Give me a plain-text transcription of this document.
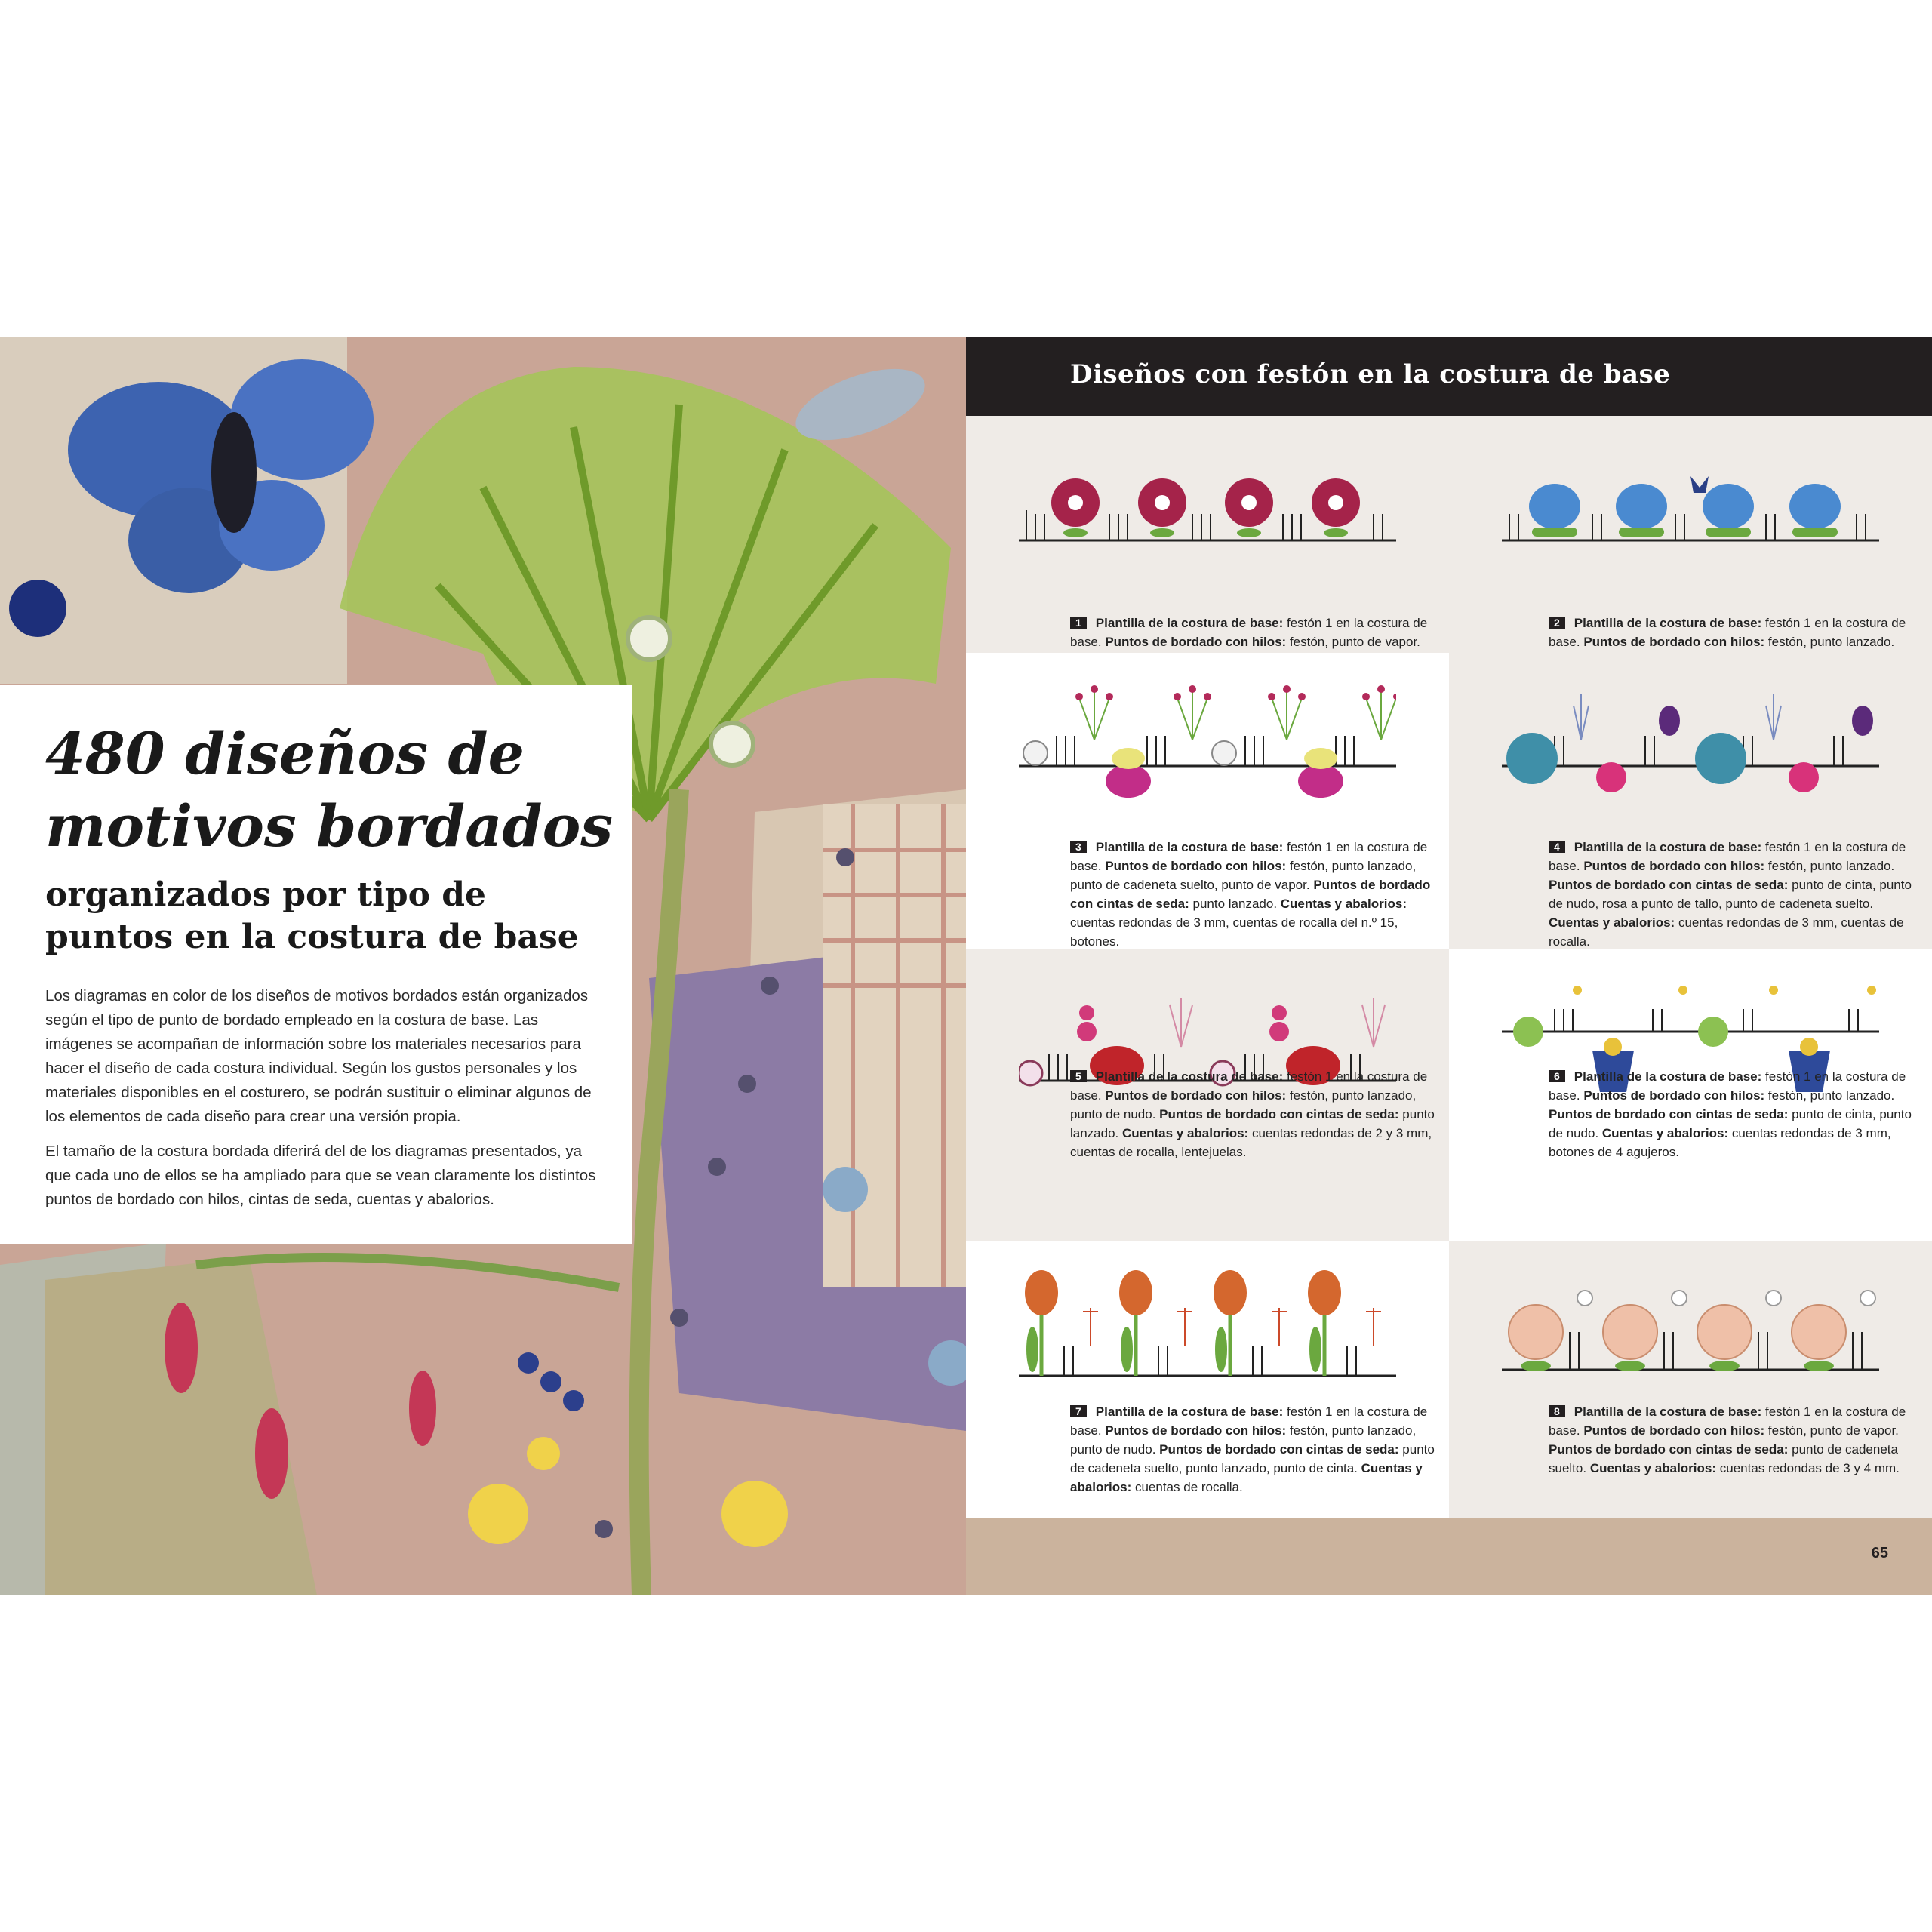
480 diseños de
motivos bordados
organizados por tipo de
puntos en la costura de base

Los diagramas en color de los diseños de motivos bordados están organizados según el tipo de punto de bordado empleado en la costura de base. Las imágenes se acompañan de información sobre los materiales necesarios para hacer el diseño de cada costura individual. Según los gustos personales y los materiales disponibles en el costurero, se podrán sustituir o eliminar algunos de los elementos de cada diseño para crear una versión propia.

El tamaño de la costura bordada diferirá del de los diagramas presentados, ya que cada uno de ellos se ha ampliado para que se vean claramente los distintos puntos de bordado con hilos, cintas de seda, cuentas y abalorios.

Diseños con festón en la costura de base
1 Plantilla de la costura de base: festón 1 en la costura de base. Puntos de bordado con hilos: festón, punto de vapor.
2 Plantilla de la costura de base: festón 1 en la costura de base. Puntos de bordado con hilos: festón, punto lanzado.
3 Plantilla de la costura de base: festón 1 en la costura de base. Puntos de bordado con hilos: festón, punto lanzado, punto de cadeneta suelto, punto de vapor. Puntos de bordado con cintas de seda: punto lanzado. Cuentas y abalorios: cuentas redondas de 3 mm, cuentas de rocalla del n.º 15, botones.
4 Plantilla de la costura de base: festón 1 en la costura de base. Puntos de bordado con hilos: festón, punto lanzado. Puntos de bordado con cintas de seda: punto de cinta, punto de nudo, rosa a punto de tallo, punto de cadeneta suelto. Cuentas y abalorios: cuentas redondas de 3 mm, cuentas de rocalla.
5 Plantilla de la costura de base: festón 1 en la costura de base. Puntos de bordado con hilos: festón, punto lanzado, punto de nudo. Puntos de bordado con cintas de seda: punto lanzado. Cuentas y abalorios: cuentas redondas de 2 y 3 mm, cuentas de rocalla, lentejuelas.
6 Plantilla de la costura de base: festón 1 en la costura de base. Puntos de bordado con hilos: festón, punto lanzado. Puntos de bordado con cintas de seda: punto de cinta, punto de nudo. Cuentas y abalorios: cuentas redondas de 3 mm, botones de 4 agujeros.
7 Plantilla de la costura de base: festón 1 en la costura de base. Puntos de bordado con hilos: festón, punto lanzado, punto de nudo. Puntos de bordado con cintas de seda: punto de cadeneta suelto, punto lanzado, punto de cinta. Cuentas y abalorios: cuentas de rocalla.
8 Plantilla de la costura de base: festón 1 en la costura de base. Puntos de bordado con hilos: festón, punto de vapor. Puntos de bordado con cintas de seda: punto de cadeneta suelto. Cuentas y abalorios: cuentas redondas de 3 y 4 mm.
65
